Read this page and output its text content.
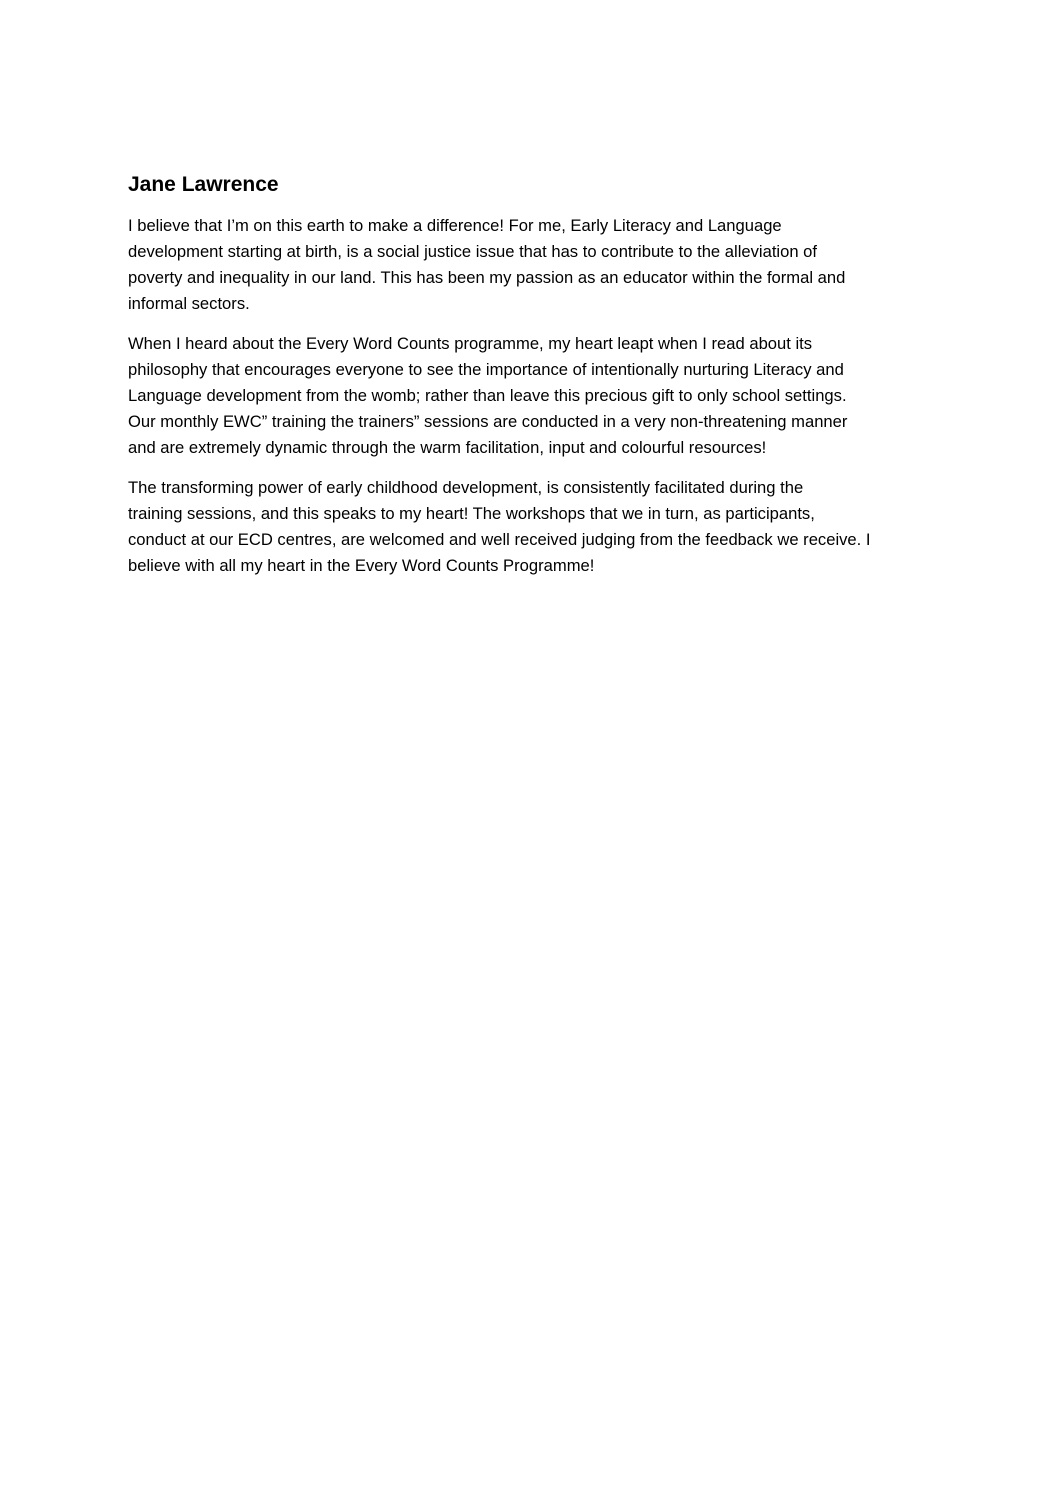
Jane Lawrence

I believe that I’m on this earth to make a difference! For me, Early Literacy and Language
development starting at birth, is a social justice issue that has to contribute to the alleviation of
poverty and inequality in our land. This has been my passion as an educator within the formal and
informal sectors.

When I heard about the Every Word Counts programme, my heart leapt when I read about its
philosophy that encourages everyone to see the importance of intentionally nurturing Literacy and
Language development from the womb; rather than leave this precious gift to only school settings.
Our monthly EWC” training the trainers” sessions are conducted in a very non-threatening manner
and are extremely dynamic through the warm facilitation, input and colourful resources!

The transforming power of early childhood development, is consistently facilitated during the
training sessions, and this speaks to my heart! The workshops that we in turn, as participants,
conduct at our ECD centres, are welcomed and well received judging from the feedback we receive. I
believe with all my heart in the Every Word Counts Programme!
